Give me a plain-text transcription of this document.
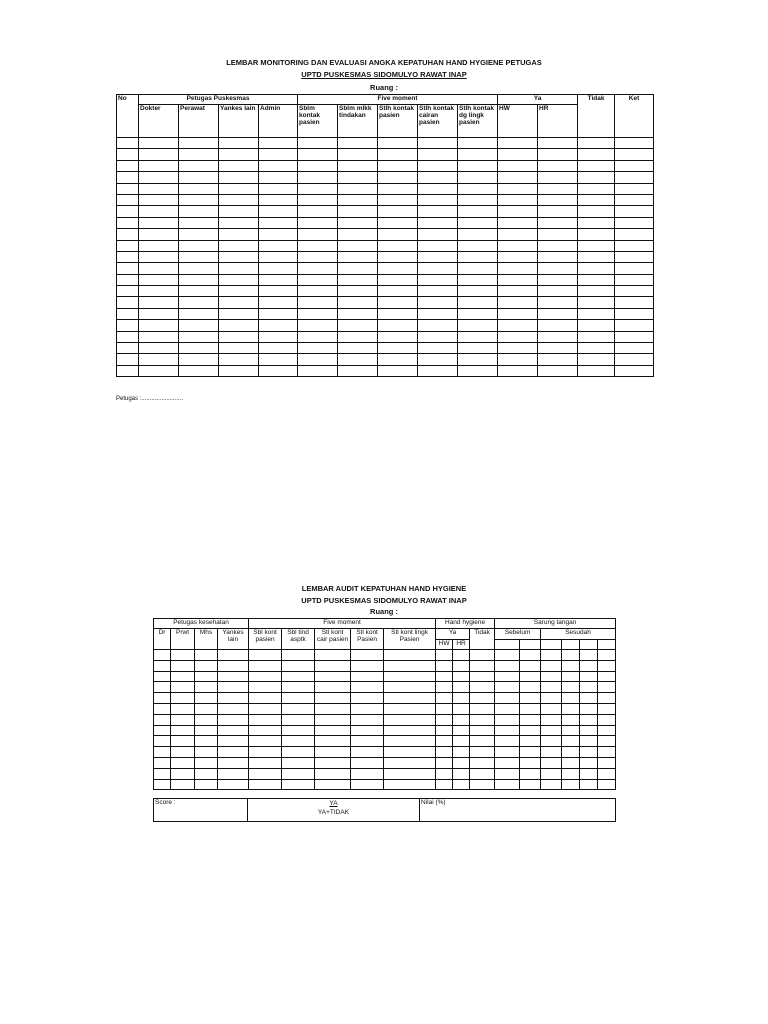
LEMBAR MONITORING DAN EVALUASI ANGKA KEPATUHAN HAND HYGIENE PETUGAS
UPTD PUSKESMAS SIDOMULYO RAWAT INAP
Ruang :
No	Petugas Puskesmas				Five moment					Ya		Tidak	Ket
	Dokter	Perawat	Yankes lain	Admin	Sblm kontak pasien	Sblm mlkk tindakan	Stlh kontak pasien	Stlh kontak cairan pasien	Stlh kontak dg lingk pasien	HW	HR		

Petugas :.........................
LEMBAR AUDIT KEPATUHAN HAND HYGIENE
UPTD PUSKESMAS SIDOMULYO RAWAT INAP
Ruang :
Petugas kesehatan				Five moment					Hand hygiene			Sarung tangan					
Dr	Prwt	Mhs	Yankes lain	Sbl kont pasien	Sbl tind asptk	Stl kont cair pasien	Stl kont Pasien	Stl kont lingk Pasien	Ya		Tidak	Sebelum		Sesudah			
									HW	HR							

Score :	YA
YA+TIDAK
	Nilai (%)
